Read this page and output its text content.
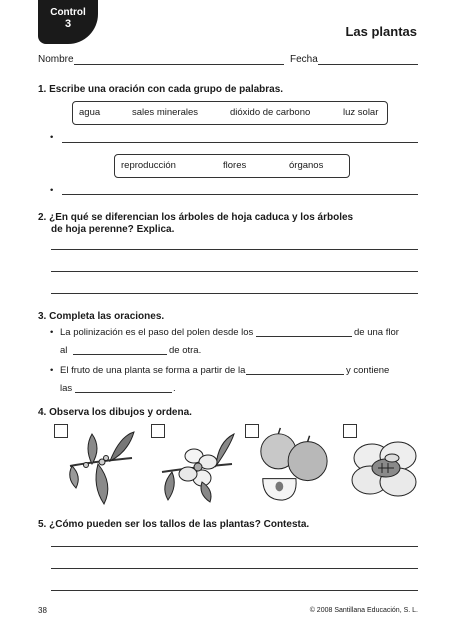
Control
3	Las plantas
Nombre	Fecha
1. Escribe una oración con cada grupo de palabras.
agua	sales minerales	dióxido de carbono	luz solar
•
reproducción	flores	órganos
•
2. ¿En qué se diferencian los árboles de hoja caduca y los árboles
de hoja perenne? Explica.
3. Completa las oraciones.
• La polinización es el paso del polen desde los	de una flor
al	de otra.
• El fruto de una planta se forma a partir de la	y contiene
las	.
4. Observa los dibujos y ordena.
5. ¿Cómo pueden ser los tallos de las plantas? Contesta.
38	© 2008 Santillana Educación, S. L.
